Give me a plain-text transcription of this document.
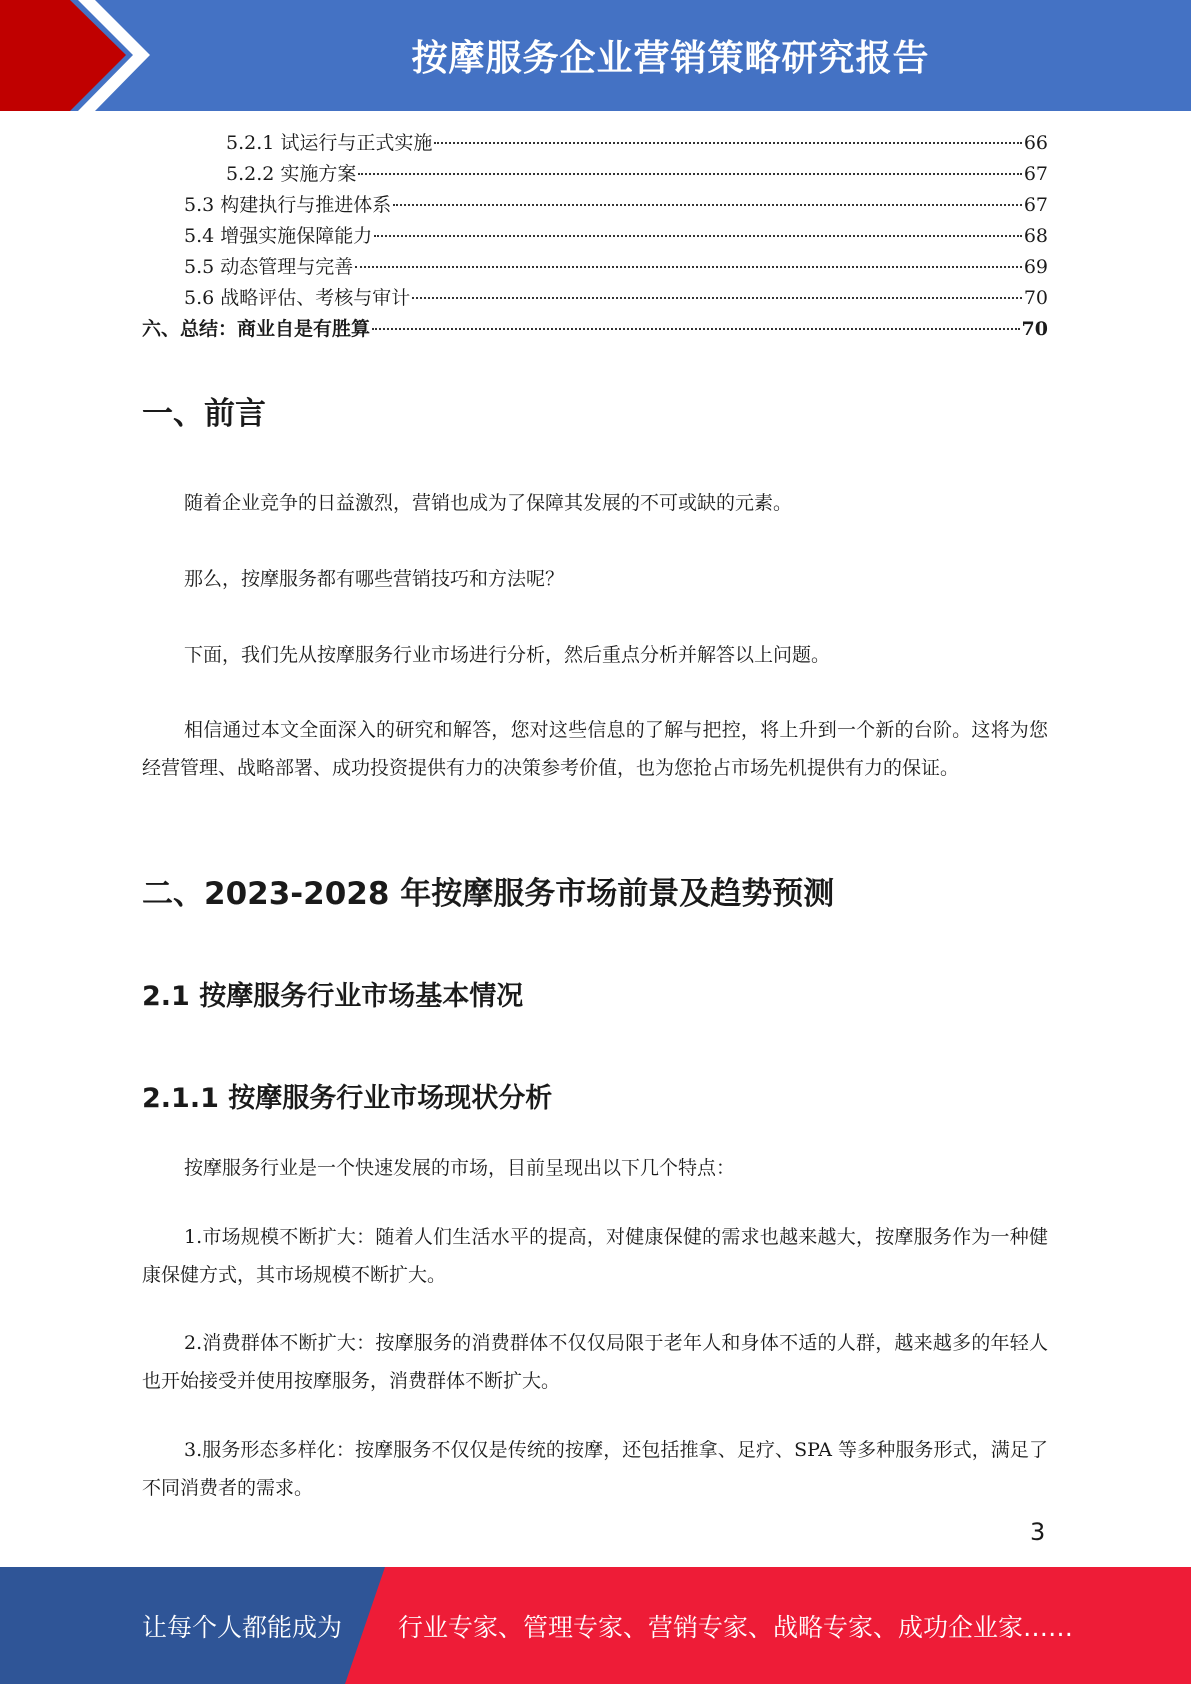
按摩服务企业营销策略研究报告
5.2.1 试运行与正式实施	66
5.2.2 实施方案	67
5.3 构建执行与推进体系	67
5.4 增强实施保障能力	68
5.5 动态管理与完善	69
5.6 战略评估、考核与审计	70
六、总结：商业自是有胜算	70
一、前言

随着企业竞争的日益激烈，营销也成为了保障其发展的不可或缺的元素。

那么，按摩服务都有哪些营销技巧和方法呢？

下面，我们先从按摩服务行业市场进行分析，然后重点分析并解答以上问题。

相信通过本文全面深入的研究和解答，您对这些信息的了解与把控，将上升到一个新的台阶。这将为您经营管理、战略部署、成功投资提供有力的决策参考价值，也为您抢占市场先机提供有力的保证。

二、2023-2028 年按摩服务市场前景及趋势预测
2.1 按摩服务行业市场基本情况
2.1.1 按摩服务行业市场现状分析

按摩服务行业是一个快速发展的市场，目前呈现出以下几个特点：

1.市场规模不断扩大：随着人们生活水平的提高，对健康保健的需求也越来越大，按摩服务作为一种健康保健方式，其市场规模不断扩大。

2.消费群体不断扩大：按摩服务的消费群体不仅仅局限于老年人和身体不适的人群，越来越多的年轻人也开始接受并使用按摩服务，消费群体不断扩大。

3.服务形态多样化：按摩服务不仅仅是传统的按摩，还包括推拿、足疗、SPA 等多种服务形式，满足了不同消费者的需求。

3
让每个人都能成为 行业专家、管理专家、营销专家、战略专家、成功企业家……
